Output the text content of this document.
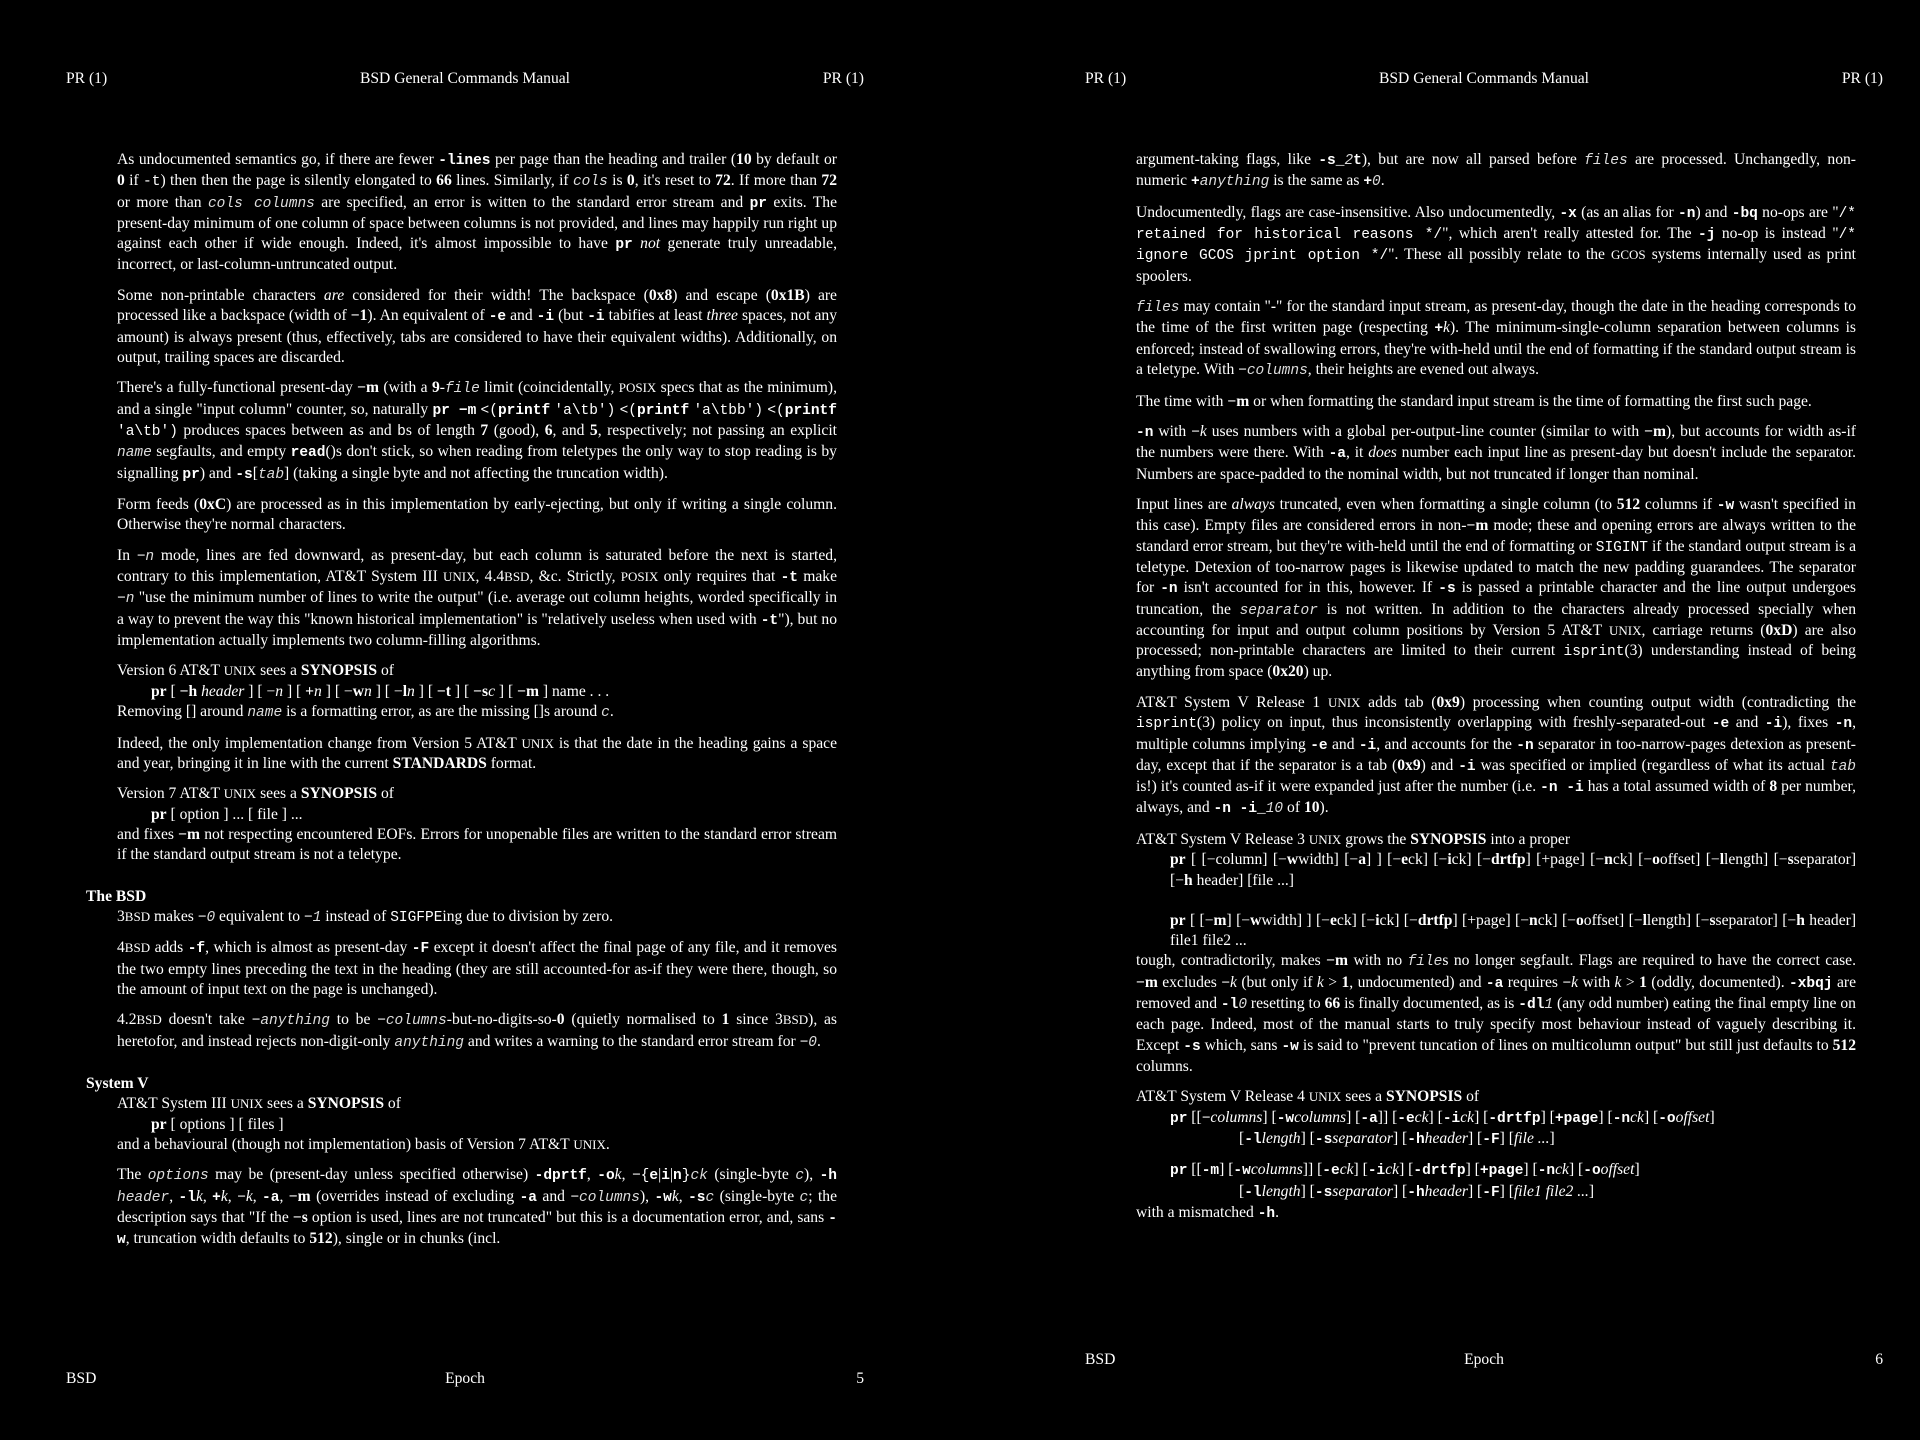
PR (1)	BSD General Commands Manual	PR (1)

As undocumented semantics go, if there are fewer -lines per page than the heading and trailer (10 by default or 0 if -t) then then the page is silently elongated to 66 lines. Similarly, if cols is 0, it's reset to 72. If more than 72 or more than cols columns are specified, an error is witten to the standard error stream and pr exits. The present-day minimum of one column of space between columns is not provided, and lines may happily run right up against each other if wide enough. Indeed, it's almost impossible to have pr not generate truly unreadable, incorrect, or last-column-untruncated output.

Some non-printable characters are considered for their width! The backspace (0x8) and escape (0x1B) are processed like a backspace (width of −1). An equivalent of -e and -i (but -i tabifies at least three spaces, not any amount) is always present (thus, effectively, tabs are considered to have their equivalent widths). Additionally, on output, trailing spaces are discarded.

There's a fully-functional present-day −m (with a 9-file limit (coincidentally, POSIX specs that as the minimum), and a single "input column" counter, so, naturally pr −m <(printf 'a\tb') <(printf 'a\tbb') <(printf 'a\tb') produces spaces between as and bs of length 7 (good), 6, and 5, respectively; not passing an explicit name segfaults, and empty read()s don't stick, so when reading from teletypes the only way to stop reading is by signalling pr) and -s[tab] (taking a single byte and not affecting the truncation width).

Form feeds (0xC) are processed as in this implementation by early-ejecting, but only if writing a single column. Otherwise they're normal characters.

In −n mode, lines are fed downward, as present-day, but each column is saturated before the next is started, contrary to this implementation, AT&T System III UNIX, 4.4BSD, &c. Strictly, POSIX only requires that -t make −n "use the minimum number of lines to write the output" (i.e. average out column heights, worded specifically in a way to prevent the way this "known historical implementation" is "relatively useless when used with -t"), but no implementation actually implements two column-filling algorithms.

Version 6 AT&T UNIX sees a SYNOPSIS of

pr [ −h header ] [ −n ] [ +n ] [ −wn ] [ −ln ] [ −t ] [ −sc ] [ −m ] name . . .

Removing [] around name is a formatting error, as are the missing []s around c.

Indeed, the only implementation change from Version 5 AT&T UNIX is that the date in the heading gains a space and year, bringing it in line with the current STANDARDS format.

Version 7 AT&T UNIX sees a SYNOPSIS of
pr [ option ] ... [ file ] ...

and fixes −m not respecting encountered EOFs. Errors for unopenable files are written to the standard error stream if the standard output stream is not a teletype.

The BSD

3BSD makes −0 equivalent to −1 instead of SIGFPEing due to division by zero.

4BSD adds -f, which is almost as present-day -F except it doesn't affect the final page of any file, and it removes the two empty lines preceding the text in the heading (they are still accounted-for as-if they were there, though, so the amount of input text on the page is unchanged).

4.2BSD doesn't take −anything to be −columns-but-no-digits-so-0 (quietly normalised to 1 since 3BSD), as heretofor, and instead rejects non-digit-only anything and writes a warning to the standard error stream for −0.

System V
AT&T System III UNIX sees a SYNOPSIS of
pr [ options ] [ files ]

and a behavioural (though not implementation) basis of Version 7 AT&T UNIX.

The options may be (present-day unless specified otherwise) -dprtf, -ok, −{e|i|n}ck (single-byte c), -h header, -lk, +k, −k, -a, −m (overrides instead of excluding -a and −columns), -wk, -sc (single-byte c; the description says that "If the −s option is used, lines are not truncated" but this is a documentation error, and, sans -w, truncation width defaults to 512), single or in chunks (incl.

BSD	Epoch	5
PR (1)	BSD General Commands Manual	PR (1)

argument-taking flags, like -s_2t), but are now all parsed before files are processed. Unchangedly, non-numeric +anything is the same as +0.

Undocumentedly, flags are case-insensitive. Also undocumentedly, -x (as an alias for -n) and -bq no-ops are "/* retained for historical reasons */", which aren't really attested for. The -j no-op is instead "/* ignore GCOS jprint option */". These all possibly relate to the GCOS systems internally used as print spoolers.

files may contain "-" for the standard input stream, as present-day, though the date in the heading corresponds to the time of the first written page (respecting +k). The minimum-single-column separation between columns is enforced; instead of swallowing errors, they're with-held until the end of formatting if the standard output stream is a teletype. With −columns, their heights are evened out always.

The time with −m or when formatting the standard input stream is the time of formatting the first such page.

-n with −k uses numbers with a global per-output-line counter (similar to with −m), but accounts for width as-if the numbers were there. With -a, it does number each input line as present-day but doesn't include the separator. Numbers are space-padded to the nominal width, but not truncated if longer than nominal.

Input lines are always truncated, even when formatting a single column (to 512 columns if -w wasn't specified in this case). Empty files are considered errors in non-−m mode; these and opening errors are always written to the standard error stream, but they're with-held until the end of formatting or SIGINT if the standard output stream is a teletype. Detexion of too-narrow pages is likewise updated to match the new padding guarandees. The separator for -n isn't accounted for in this, however. If -s is passed a printable character and the line output undergoes truncation, the separator is not written. In addition to the characters already processed specially when accounting for input and output column positions by Version 5 AT&T UNIX, carriage returns (0xD) are also processed; non-printable characters are limited to their current isprint(3) understanding instead of being anything from space (0x20) up.

AT&T System V Release 1 UNIX adds tab (0x9) processing when counting output width (contradicting the isprint(3) policy on input, thus inconsistently overlapping with freshly-separated-out -e and -i), fixes -n, multiple columns implying -e and -i, and accounts for the -n separator in too-narrow-pages detexion as present-day, except that if the separator is a tab (0x9) and -i was specified or implied (regardless of what its actual tab is!) it's counted as-if it were expanded just after the number (i.e. -n -i has a total assumed width of 8 per number, always, and -n -i_10 of 10).

AT&T System V Release 3 UNIX grows the SYNOPSIS into a proper
pr [ [−column] [−wwidth] [−a] ] [−eck] [−ick] [−drtfp] [+page] [−nck] [−ooffset] [−llength] [−sseparator] [−h header] [file ...]
pr [ [−m] [−wwidth] ] [−eck] [−ick] [−drtfp] [+page] [−nck] [−ooffset] [−llength] [−sseparator] [−h header] file1 file2 ...

tough, contradictorily, makes −m with no files no longer segfault. Flags are required to have the correct case. −m excludes −k (but only if k > 1, undocumented) and -a requires −k with k > 1 (oddly, documented). -xbqj are removed and -l0 resetting to 66 is finally documented, as is -dl1 (any odd number) eating the final empty line on each page. Indeed, most of the manual starts to truly specify most behaviour instead of vaguely describing it. Except -s which, sans -w is said to "prevent tuncation of lines on multicolumn output" but still just defaults to 512 columns.

AT&T System V Release 4 UNIX sees a SYNOPSIS of
pr [[−columns] [-wcolumns] [-a]] [-eck] [-ick] [-drtfp] [+page] [-nck] [-ooffset]
[-llength] [-sseparator] [-hheader] [-F] [file ...]
pr [[-m] [-wcolumns]] [-eck] [-ick] [-drtfp] [+page] [-nck] [-ooffset]
[-llength] [-sseparator] [-hheader] [-F] [file1 file2 ...]
with a mismatched -h.
BSD	Epoch	6
